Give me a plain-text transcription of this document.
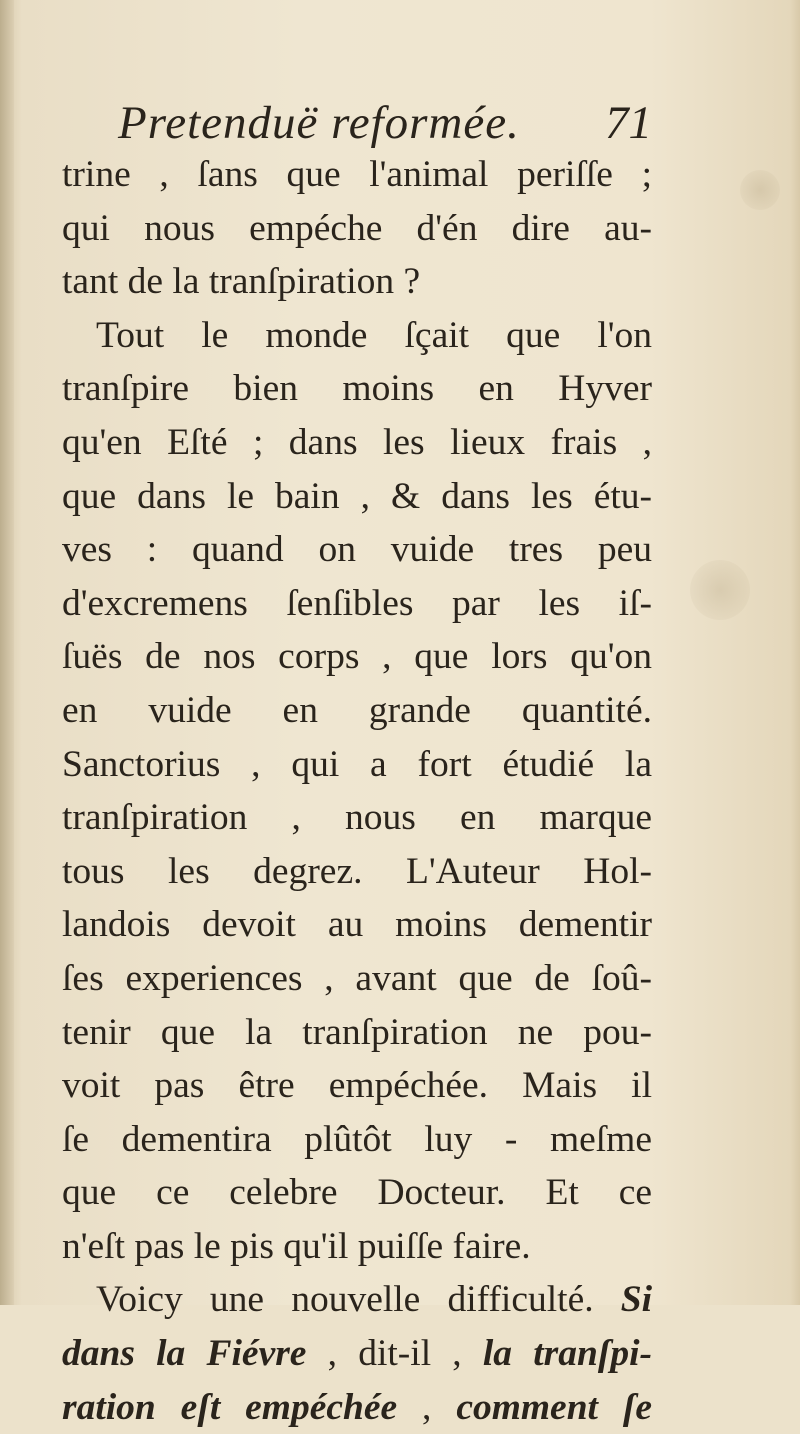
Pretenduë reformée. 71
trine , ſans que l'animal periſſe ;
qui nous empéche d'én dire au-
tant de la tranſpiration ?
Tout le monde ſçait que l'on
tranſpire bien moins en Hyver
qu'en Eſté ; dans les lieux frais ,
que dans le bain , & dans les étu-
ves : quand on vuide tres peu
d'excremens ſenſibles par les iſ-
ſuës de nos corps , que lors qu'on
en vuide en grande quantité.
Sanctorius , qui a fort étudié la
tranſpiration , nous en marque
tous les degrez. L'Auteur Hol-
landois devoit au moins dementir
ſes experiences , avant que de ſoû-
tenir que la tranſpiration ne pou-
voit pas être empéchée. Mais il
ſe dementira plûtôt luy - meſme
que ce celebre Docteur. Et ce
n'eſt pas le pis qu'il puiſſe faire.
Voicy une nouvelle difficulté. Si
dans la Fiévre , dit-il , la tranſpi-
ration eſt empéchée , comment ſe
